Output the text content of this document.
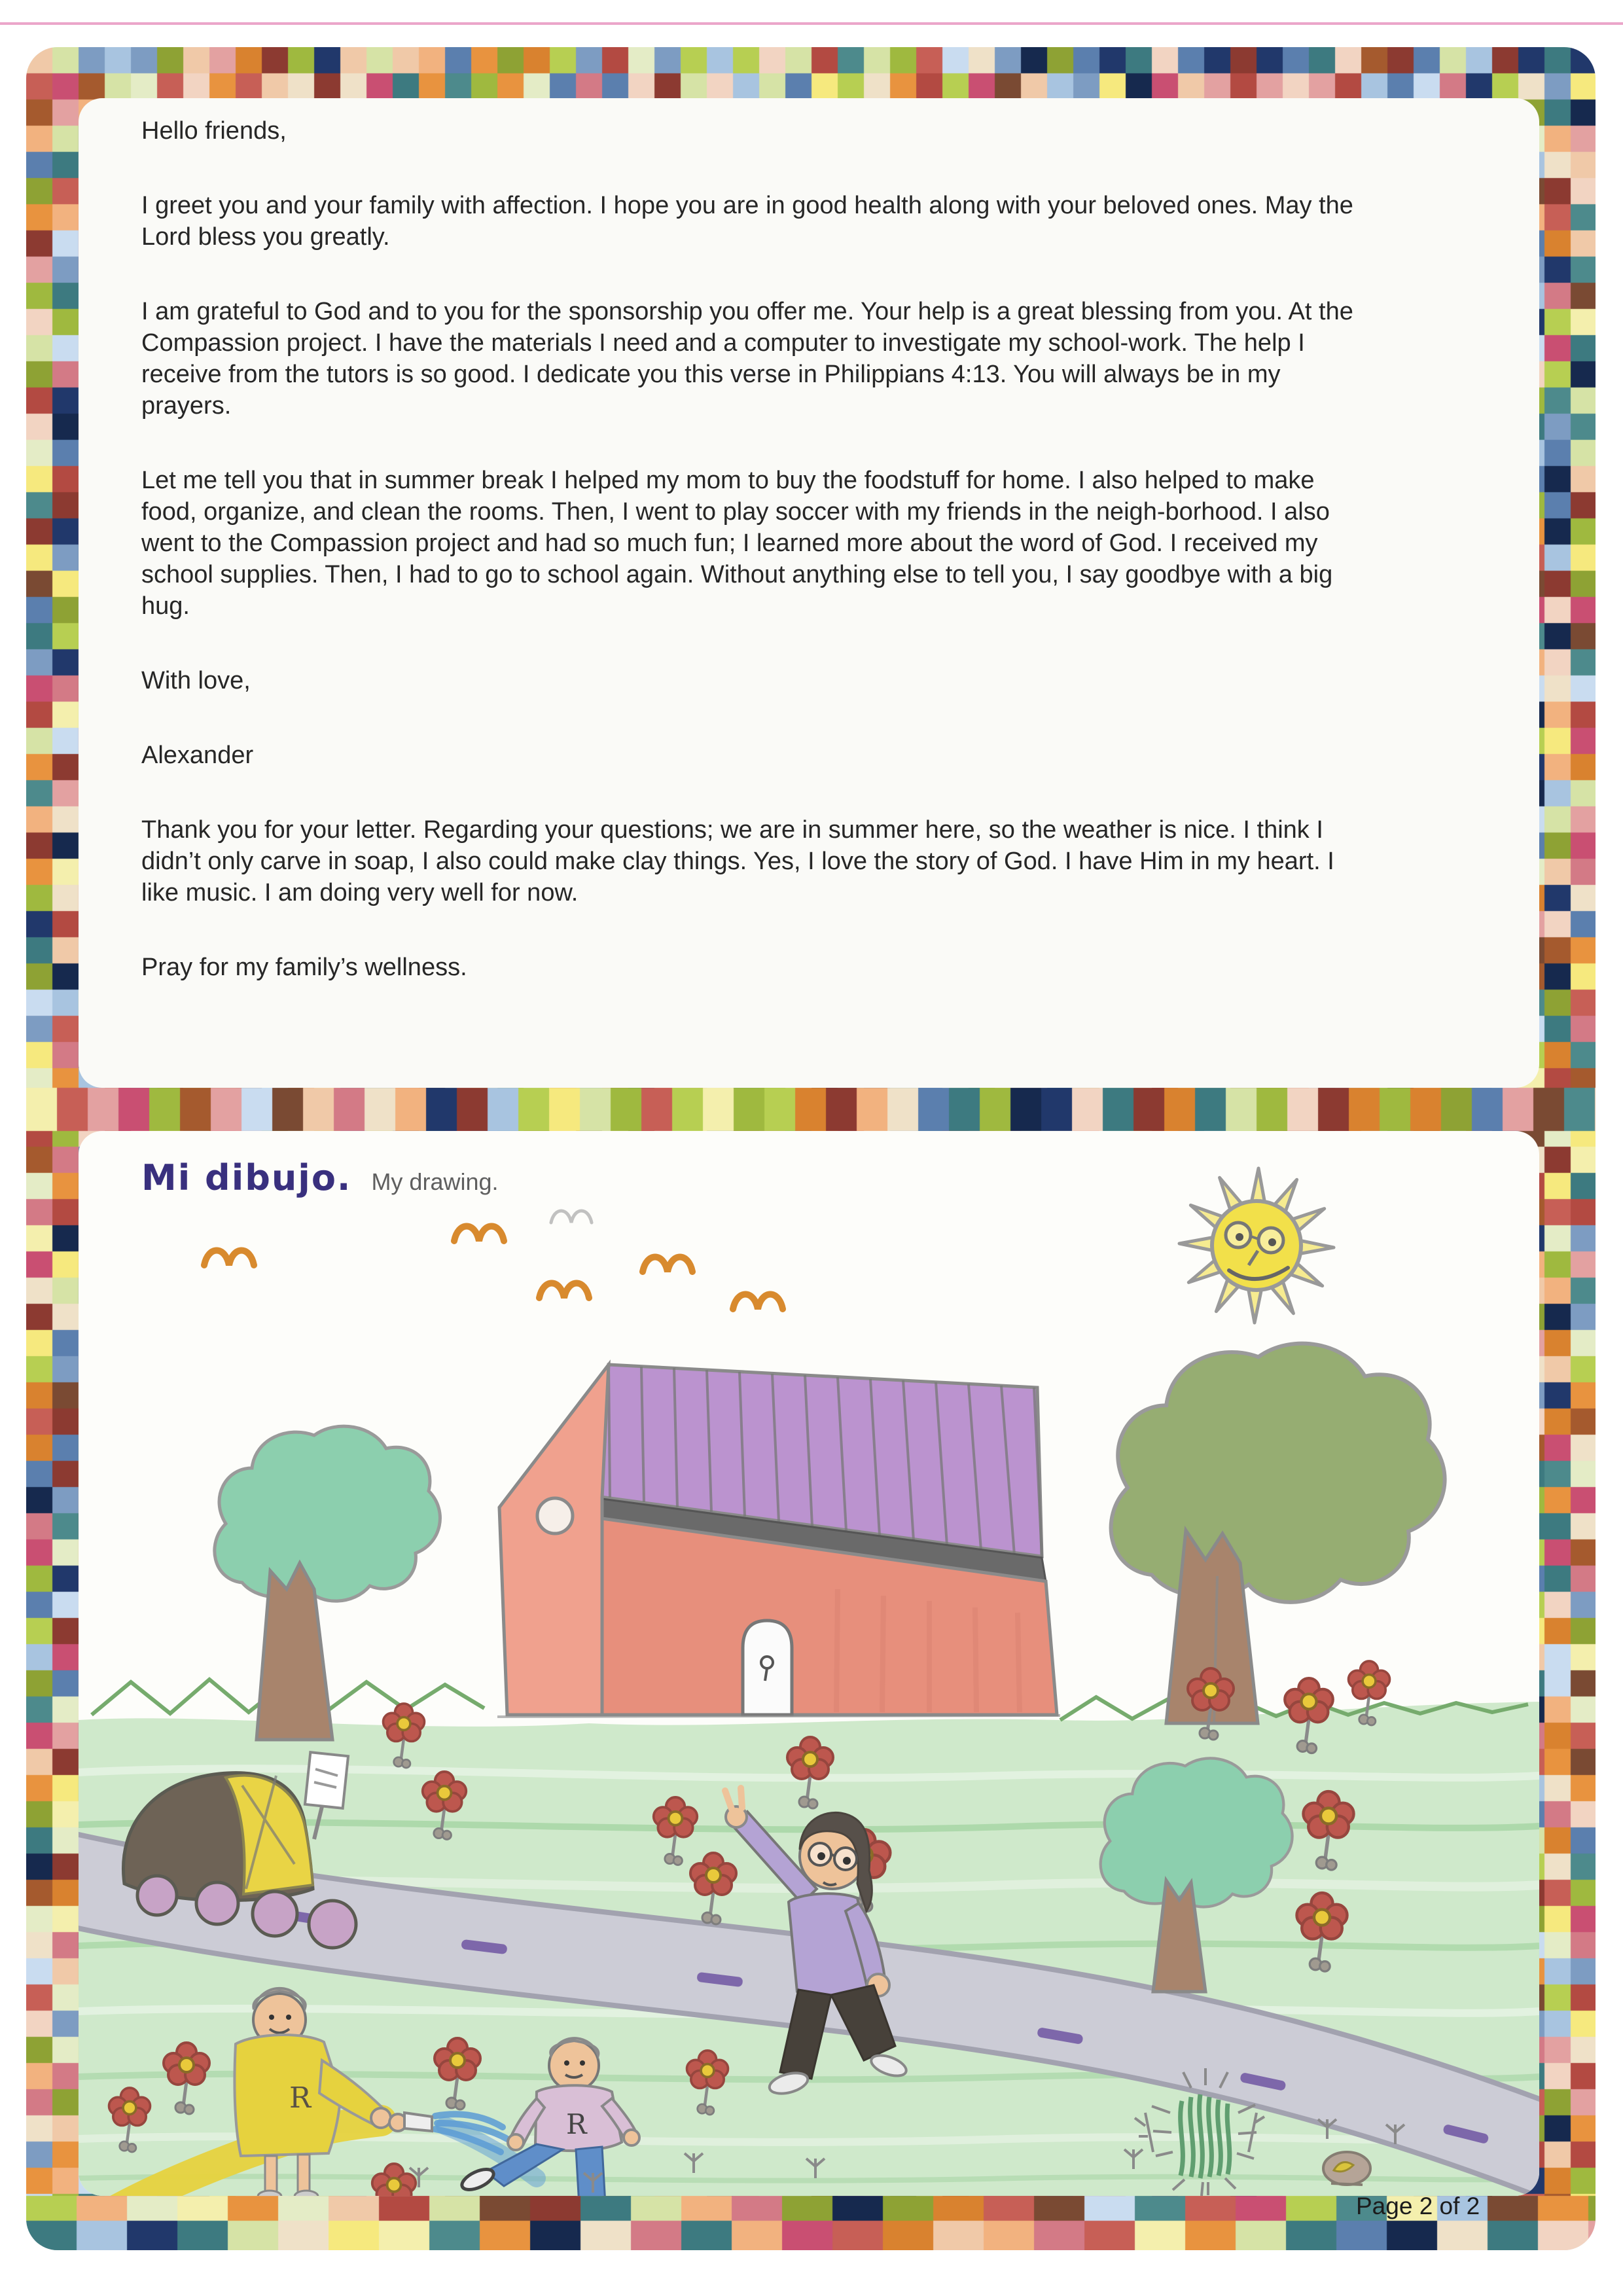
Hello friends,

I greet you and your family with affection. I hope you are in good health along with your beloved ones. May the Lord bless you greatly.

I am grateful to God and to you for the sponsorship you offer me. Your help is a great blessing from you. At the Compassion project. I have the materials I need and a computer to investigate my school-work. The help I receive from the tutors is so good. I dedicate you this verse in Philippians 4:13. You will always be in my prayers.

Let me tell you that in summer break I helped my mom to buy the foodstuff for home. I also helped to make food, organize, and clean the rooms. Then, I went to play soccer with my friends in the neigh-borhood. I also went to the Compassion project and had so much fun; I learned more about the word of God. I received my school supplies. Then, I had to go to school again. Without anything else to tell you, I say goodbye with a big hug.

With love,

Alexander

Thank you for your letter. Regarding your questions; we are in summer here, so the weather is nice. I think I didn’t only carve in soap, I also could make clay things. Yes, I love the story of God. I have Him in my heart. I like music. I am doing very well for now.

Pray for my family’s wellness.

Mi dibujo. My drawing.
R
R
Page 2 of 2
